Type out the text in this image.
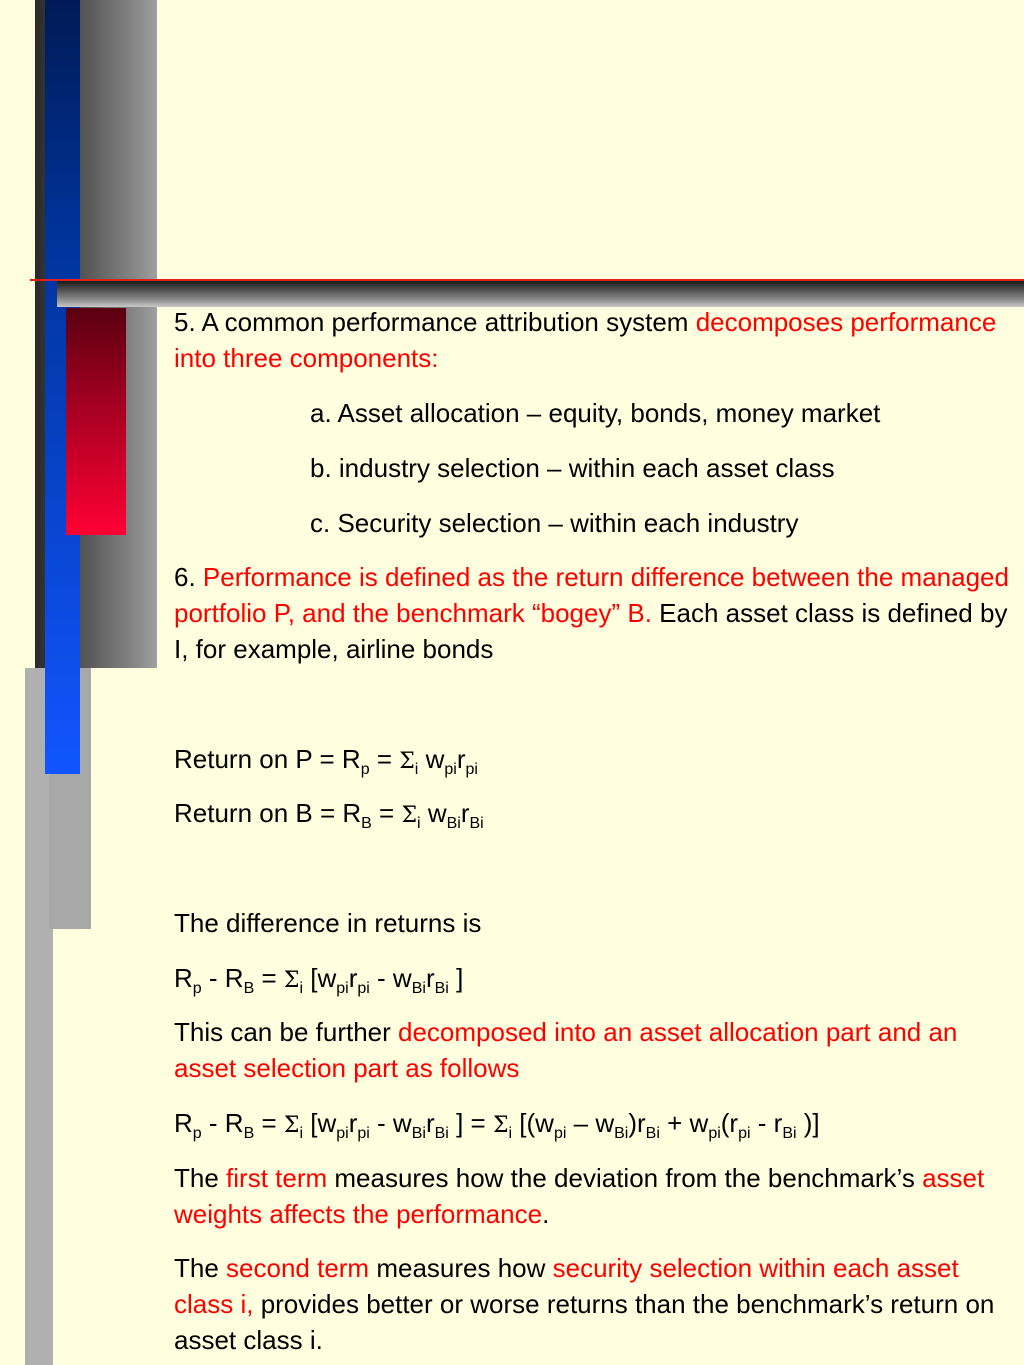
5. A common performance attribution system decomposes performance into three components:

a. Asset allocation – equity, bonds, money market

b. industry selection – within each asset class

c. Security selection – within each industry

6. Performance is defined as the return difference between the managed portfolio P, and the benchmark “bogey” B. Each asset class is defined by I, for example, airline bonds

Return on $P = R_p = \Sigma_i$ $w_{pi}r_{pi}$

Return on $B = R_B = \Sigma_i$ $w_{Bi}r_{Bi}$

The difference in returns is

$R_p - R_B = \Sigma_i$ [$w_{pi}r_{pi} - w_{Bi}r_{Bi}$ ]

This can be further decomposed into an asset allocation part and an asset selection part as follows

$R_p - R_B = \Sigma_i$ [$w_{pi}r_{pi} - w_{Bi}r_{Bi}$ ] = $\Sigma_i$ [$(w_{pi} - w_{Bi})r_{Bi} + w_{pi}(r_{pi} - r_{Bi}$ )]

The first term measures how the deviation from the benchmark’s asset weights affects the performance.

The second term measures how security selection within each asset class i, provides better or worse returns than the benchmark’s return on asset class i.
